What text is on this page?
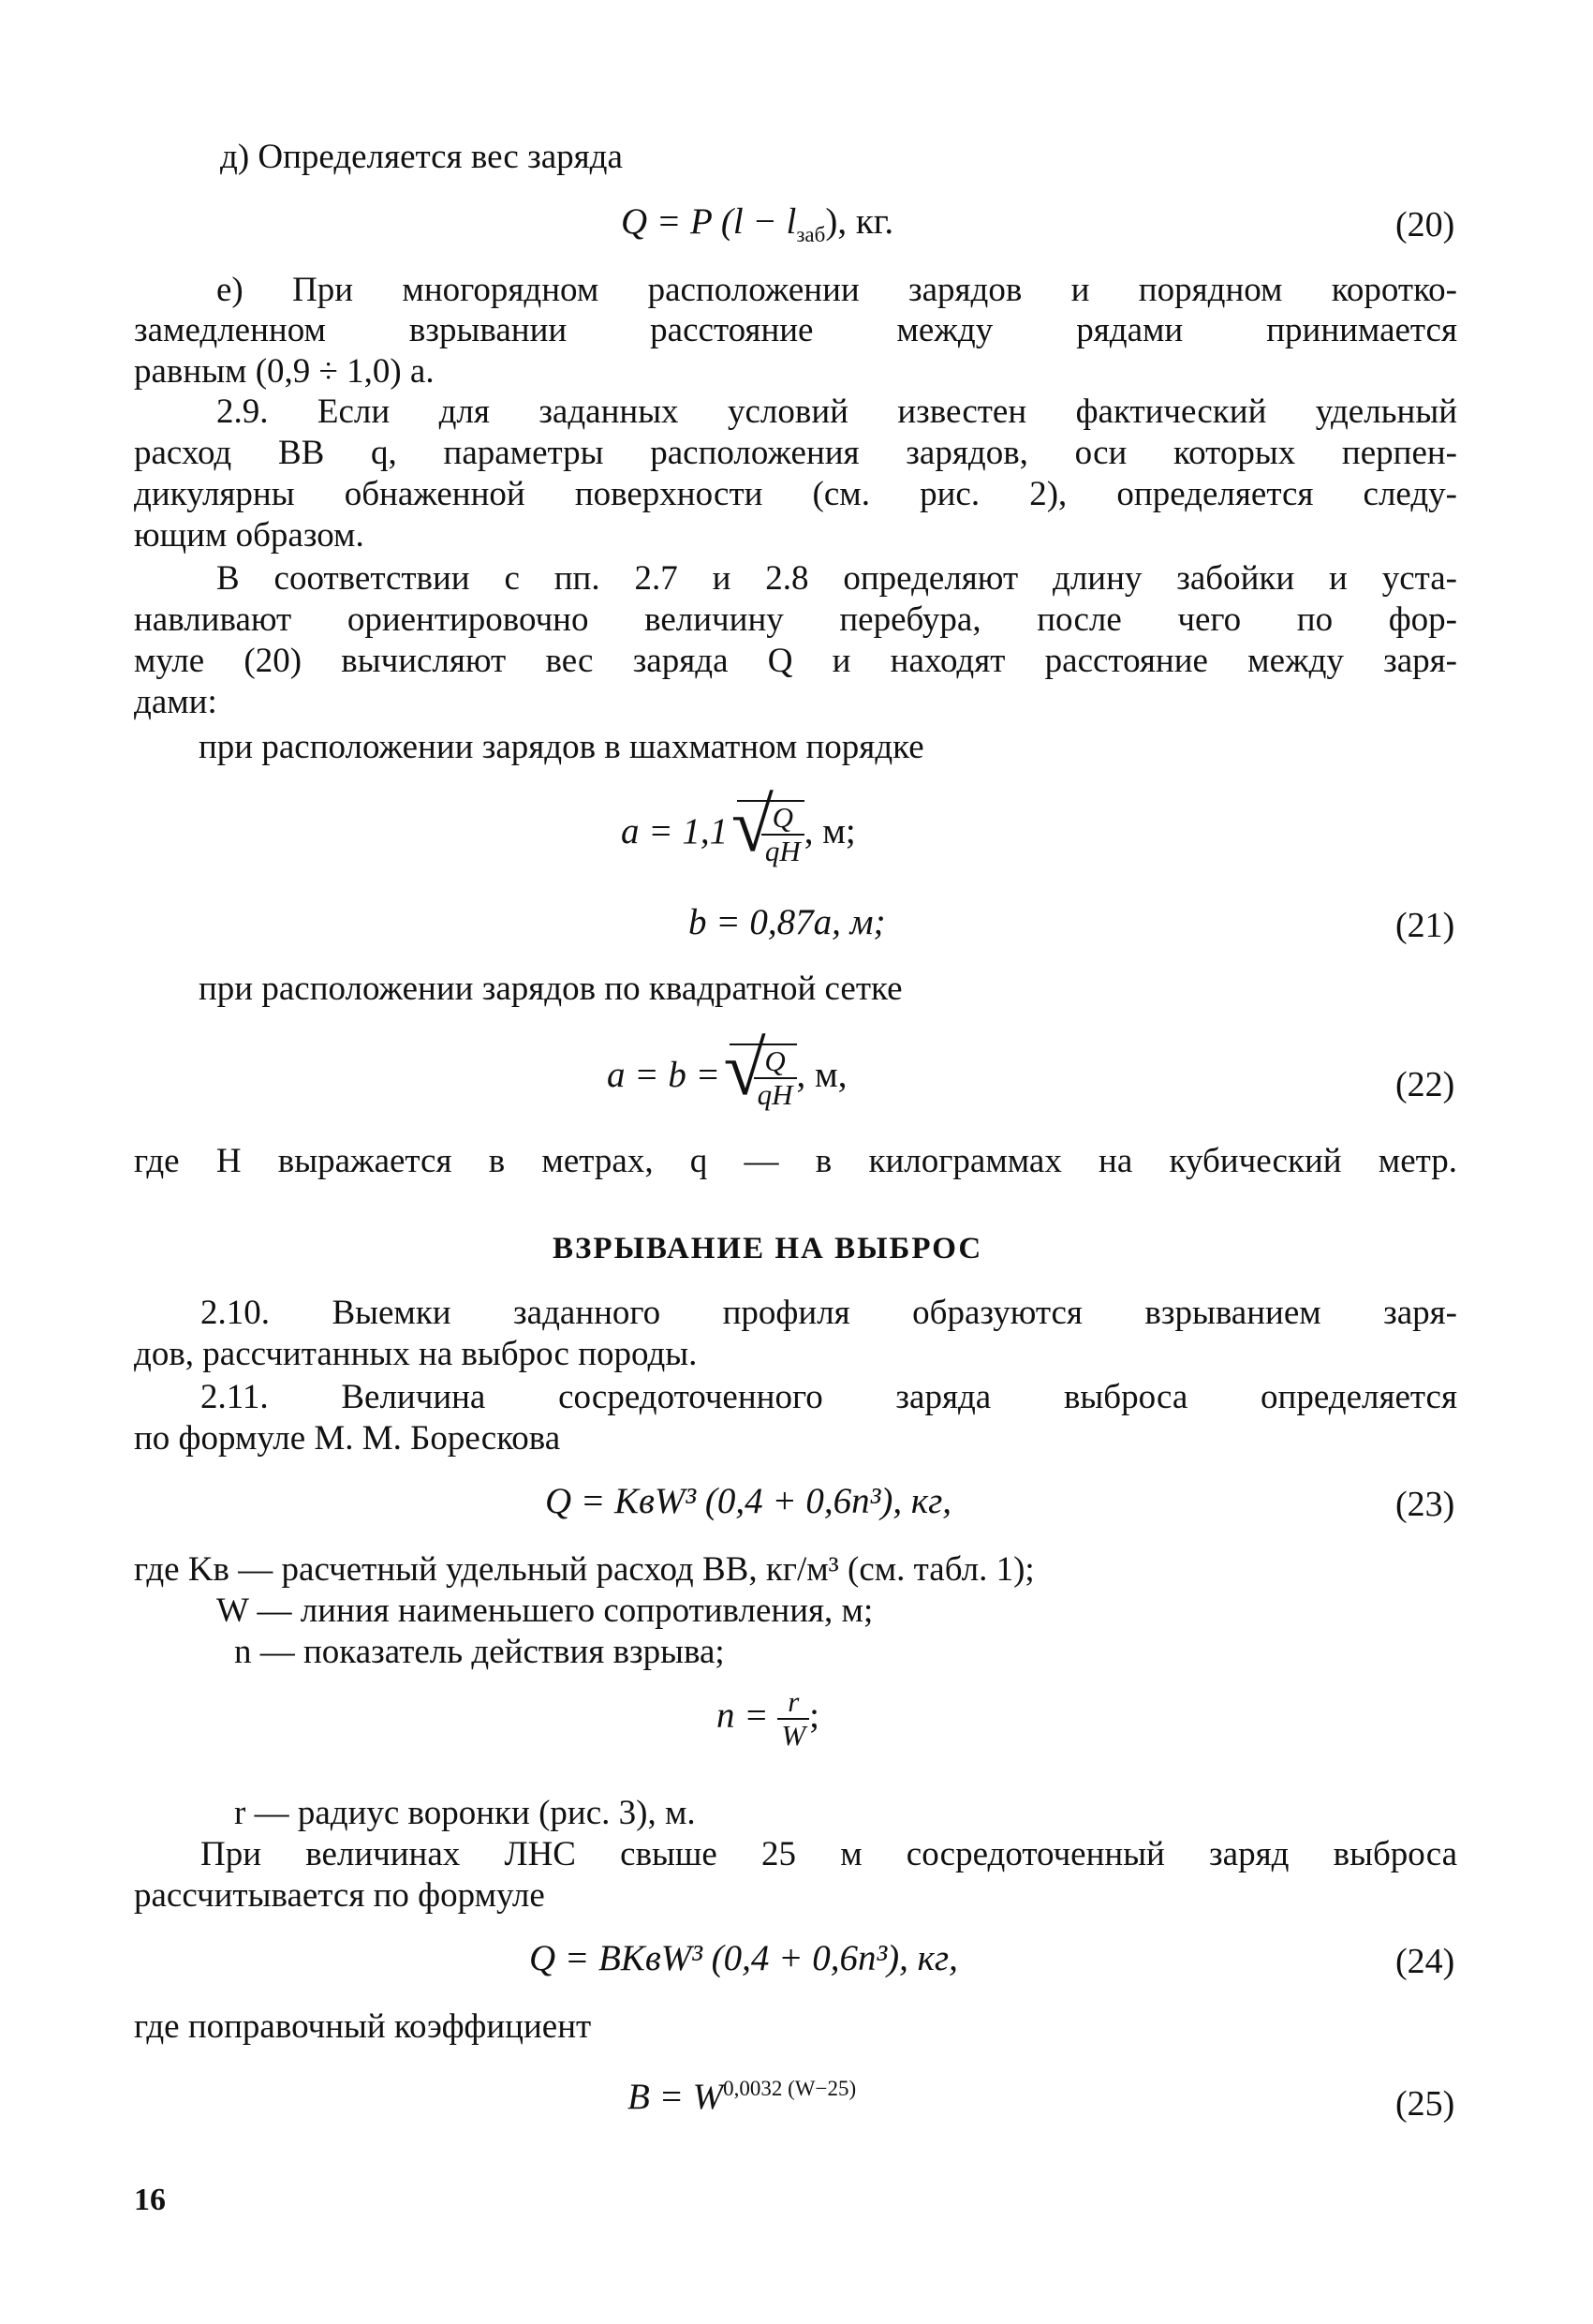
д) Определяется вес заряда
Q = P $(l - l_{заб})$, кг.	(20)
е) При многорядном расположении зарядов и порядном коротко-
замедленном взрывании расстояние между рядами принимается
равным (0,9 ÷ 1,0) a.
2.9. Если для заданных условий известен фактический удельный
расход ВВ q, параметры расположения зарядов, оси которых перпен-
дикулярны обнаженной поверхности (см. рис. 2), определяется следу-
ющим образом.
В соответствии с пп. 2.7 и 2.8 определяют длину забойки и уста-
навливают ориентировочно величину перебура, после чего по фор-
муле (20) вычисляют вес заряда Q и находят расстояние между заря-
дами:
при расположении зарядов в шахматном порядке
a = 1,1 √
$\frac{Q}{qH}$ , м;
b = 0,87a, м;	(21)
при расположении зарядов по квадратной сетке
a = b = √
$\frac{Q}{qH}$ , м,	(22)
где H выражается в метрах, q — в килограммах на кубический метр.
ВЗРЫВАНИЕ НА ВЫБРОС
2.10. Выемки заданного профиля образуются взрыванием заря-
дов, рассчитанных на выброс породы.
2.11. Величина сосредоточенного заряда выброса определяется
по формуле М. М. Борескова
Q = KвW³ (0,4 + 0,6n³), кг,	(23)
где Kв — расчетный удельный расход ВВ, кг/м³ (см. табл. 1);
W — линия наименьшего сопротивления, м;
n — показатель действия взрыва;
$n = \frac{r}{W}$ ;
r — радиус воронки (рис. 3), м.
При величинах ЛНС свыше 25 м сосредоточенный заряд выброса
рассчитывается по формуле
Q = BKвW³ (0,4 + 0,6n³), кг,	(24)
где поправочный коэффициент
$B = W^{0,0032 (W-25)}$	(25)
16
